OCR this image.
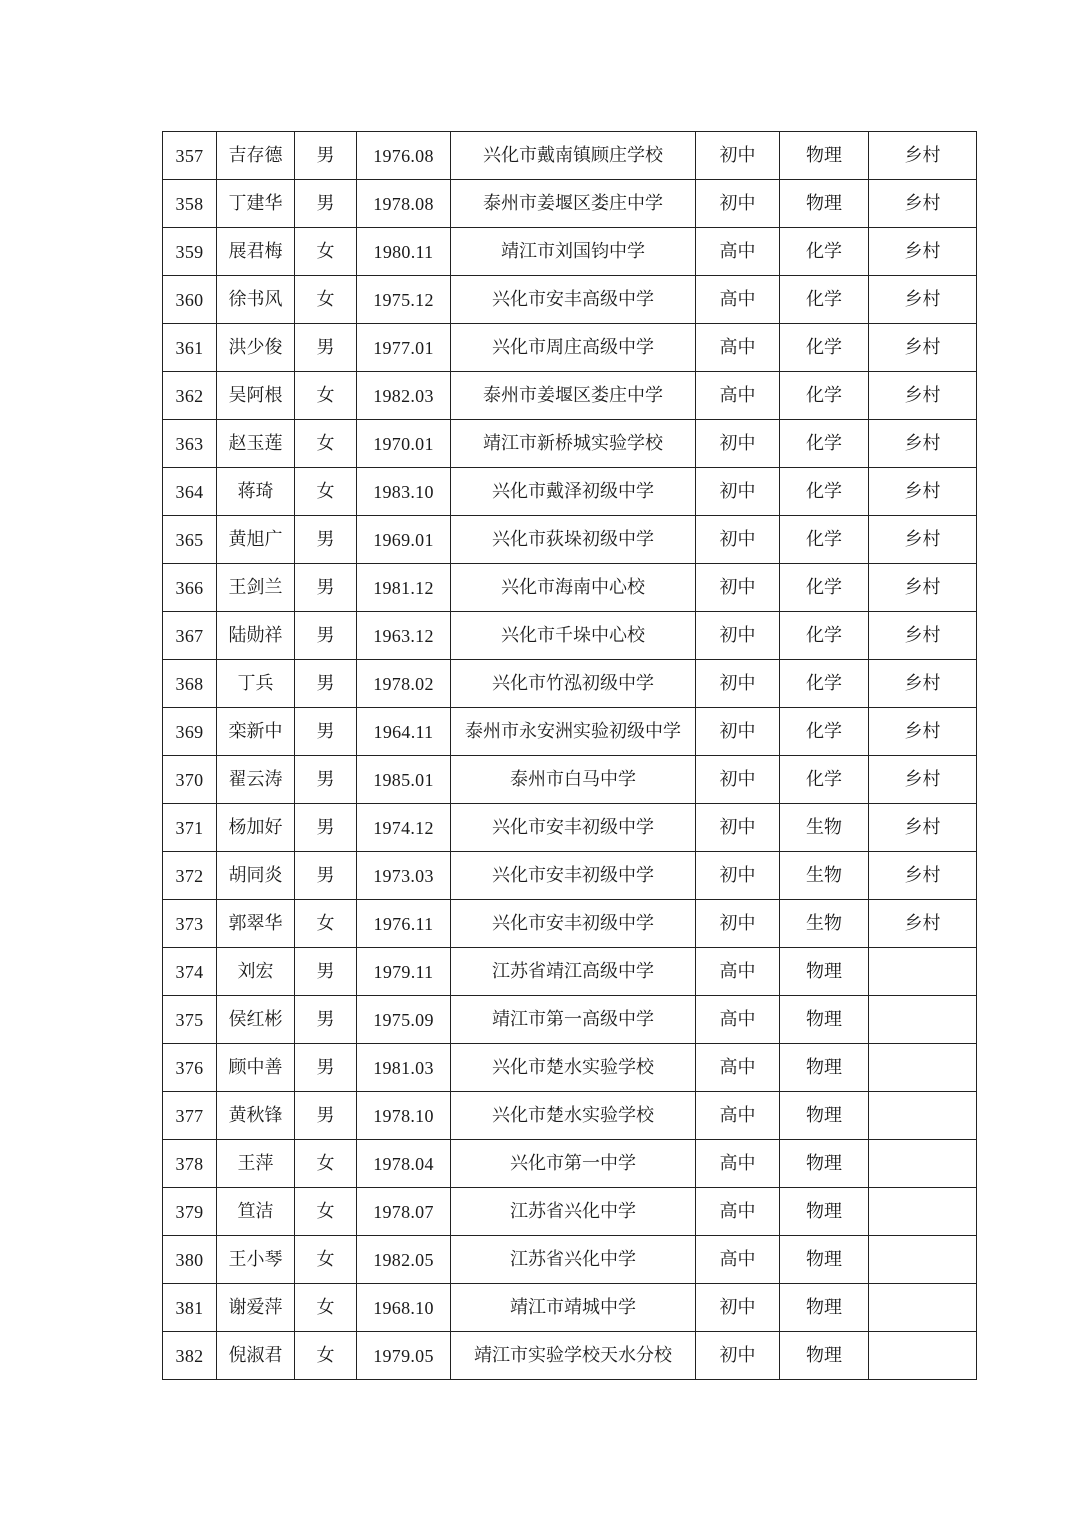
357	吉存德	男	1976.08	兴化市戴南镇顾庄学校	初中	物理	乡村
358	丁建华	男	1978.08	泰州市姜堰区娄庄中学	初中	物理	乡村
359	展君梅	女	1980.11	靖江市刘国钧中学	高中	化学	乡村
360	徐书风	女	1975.12	兴化市安丰高级中学	高中	化学	乡村
361	洪少俊	男	1977.01	兴化市周庄高级中学	高中	化学	乡村
362	吴阿根	女	1982.03	泰州市姜堰区娄庄中学	高中	化学	乡村
363	赵玉莲	女	1970.01	靖江市新桥城实验学校	初中	化学	乡村
364	蒋琦	女	1983.10	兴化市戴泽初级中学	初中	化学	乡村
365	黄旭广	男	1969.01	兴化市荻垛初级中学	初中	化学	乡村
366	王剑兰	男	1981.12	兴化市海南中心校	初中	化学	乡村
367	陆勋祥	男	1963.12	兴化市千垛中心校	初中	化学	乡村
368	丁兵	男	1978.02	兴化市竹泓初级中学	初中	化学	乡村
369	栾新中	男	1964.11	泰州市永安洲实验初级中学	初中	化学	乡村
370	翟云涛	男	1985.01	泰州市白马中学	初中	化学	乡村
371	杨加好	男	1974.12	兴化市安丰初级中学	初中	生物	乡村
372	胡同炎	男	1973.03	兴化市安丰初级中学	初中	生物	乡村
373	郭翠华	女	1976.11	兴化市安丰初级中学	初中	生物	乡村
374	刘宏	男	1979.11	江苏省靖江高级中学	高中	物理	
375	侯红彬	男	1975.09	靖江市第一高级中学	高中	物理	
376	顾中善	男	1981.03	兴化市楚水实验学校	高中	物理	
377	黄秋锋	男	1978.10	兴化市楚水实验学校	高中	物理	
378	王萍	女	1978.04	兴化市第一中学	高中	物理	
379	笪洁	女	1978.07	江苏省兴化中学	高中	物理	
380	王小琴	女	1982.05	江苏省兴化中学	高中	物理	
381	谢爱萍	女	1968.10	靖江市靖城中学	初中	物理	
382	倪淑君	女	1979.05	靖江市实验学校天水分校	初中	物理	
